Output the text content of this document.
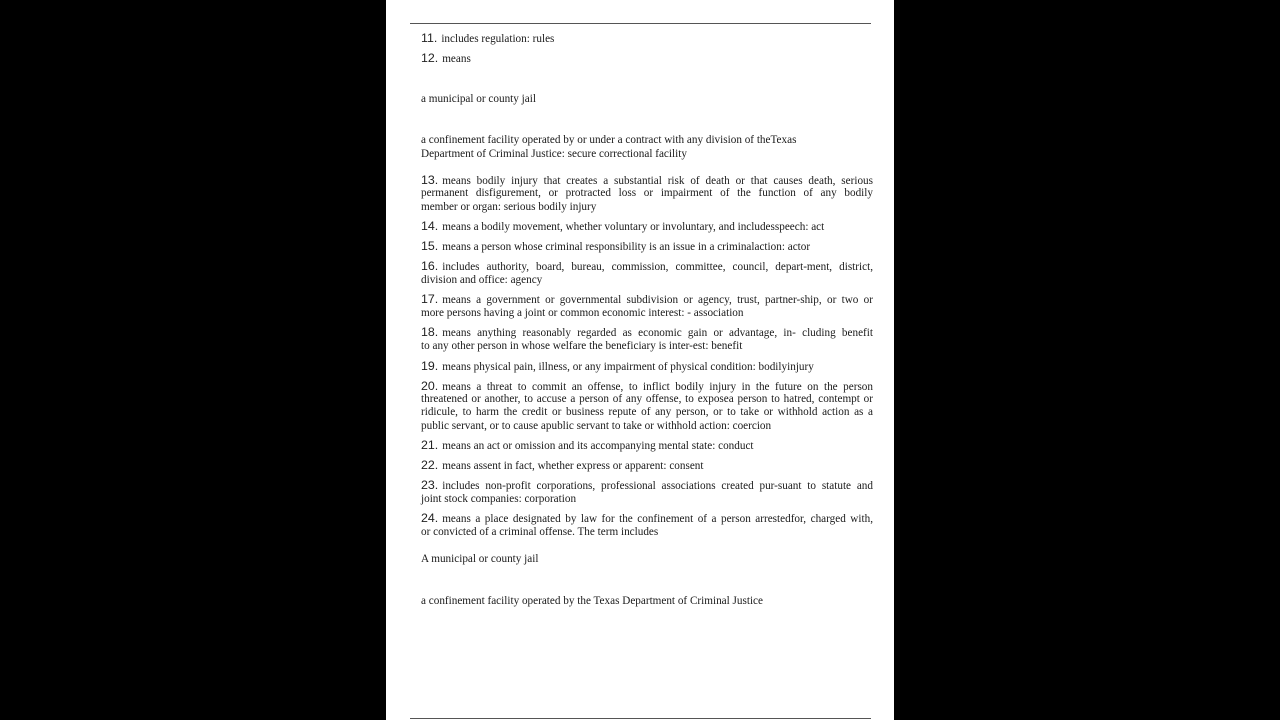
11. includes regulation: rules
12. means
a municipal or county jail
a confinement facility operated by or under a contract with any division of theTexas
Department of Criminal Justice: secure correctional facility
13. means bodily injury that creates a substantial risk of death or that causes death, serious
permanent disfigurement, or protracted loss or impairment of the function of any bodily
member or organ: serious bodily injury
14. means a bodily movement, whether voluntary or involuntary, and includesspeech: act
15. means a person whose criminal responsibility is an issue in a criminalaction: actor
16. includes authority, board, bureau, commission, committee, council, depart-ment, district,
division and office: agency
17. means a government or governmental subdivision or agency, trust, partner-ship, or two or
more persons having a joint or common economic interest: - association
18. means anything reasonably regarded as economic gain or advantage, in- cluding benefit
to any other person in whose welfare the beneficiary is inter-est: benefit
19. means physical pain, illness, or any impairment of physical condition: bodilyinjury
20. means a threat to commit an offense, to inflict bodily injury in the future on the person
threatened or another, to accuse a person of any offense, to exposea person to hatred, contempt or
ridicule, to harm the credit or business repute of any person, or to take or withhold action as a
public servant, or to cause apublic servant to take or withhold action: coercion
21. means an act or omission and its accompanying mental state: conduct
22. means assent in fact, whether express or apparent: consent
23. includes non-profit corporations, professional associations created pur-suant to statute and
joint stock companies: corporation
24. means a place designated by law for the confinement of a person arrestedfor, charged with,
or convicted of a criminal offense. The term includes
A municipal or county jail
a confinement facility operated by the Texas Department of Criminal Justice
